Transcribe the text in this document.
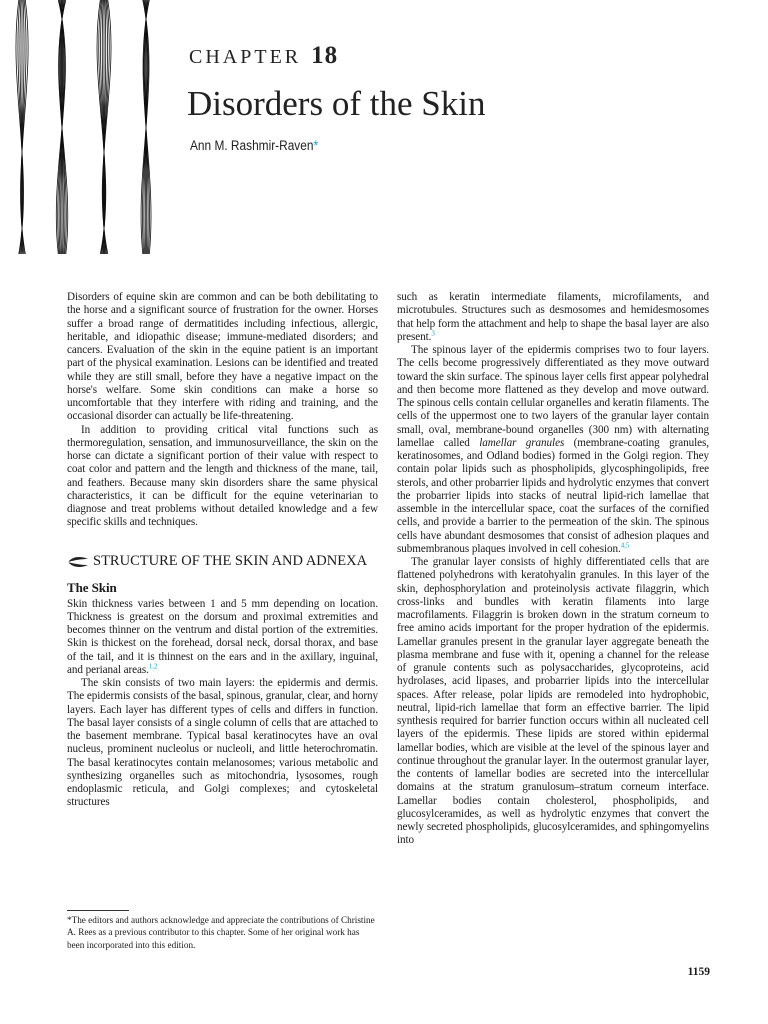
CHAPTER 18
Disorders of the Skin
Ann M. Rashmir-Raven*

Disorders of equine skin are common and can be both debilitating to the horse and a significant source of frustration for the owner. Horses suffer a broad range of dermatitides including infectious, allergic, heritable, and idiopathic disease; immune-mediated disorders; and cancers. Evaluation of the skin in the equine patient is an important part of the physical examination. Lesions can be identified and treated while they are still small, before they have a negative impact on the horse's welfare. Some skin conditions can make a horse so uncomfortable that they interfere with riding and training, and the occasional disorder can actually be life-threatening.

In addition to providing critical vital functions such as thermoregulation, sensation, and immunosurveillance, the skin on the horse can dictate a significant portion of their value with respect to coat color and pattern and the length and thickness of the mane, tail, and feathers. Because many skin disorders share the same physical characteristics, it can be difficult for the equine veterinarian to diagnose and treat problems without detailed knowledge and a few specific skills and techniques.

STRUCTURE OF THE SKIN AND ADNEXA
The Skin

Skin thickness varies between 1 and 5 mm depending on location. Thickness is greatest on the dorsum and proximal extremities and becomes thinner on the ventrum and distal portion of the extremities. Skin is thickest on the forehead, dorsal neck, dorsal thorax, and base of the tail, and it is thinnest on the ears and in the axillary, inguinal, and perianal areas.$^{1,2}$

The skin consists of two main layers: the epidermis and dermis. The epidermis consists of the basal, spinous, granular, clear, and horny layers. Each layer has different types of cells and differs in function. The basal layer consists of a single column of cells that are attached to the basement membrane. Typical basal keratinocytes have an oval nucleus, prominent nucleolus or nucleoli, and little heterochromatin. The basal keratinocytes contain melanosomes; various metabolic and synthesizing organelles such as mitochondria, lysosomes, rough endoplasmic reticula, and Golgi complexes; and cytoskeletal structures

such as keratin intermediate filaments, microfilaments, and microtubules. Structures such as desmosomes and hemidesmosomes that help form the attachment and help to shape the basal layer are also present.$^3$

The spinous layer of the epidermis comprises two to four layers. The cells become progressively differentiated as they move outward toward the skin surface. The spinous layer cells first appear polyhedral and then become more flattened as they develop and move outward. The spinous cells contain cellular organelles and keratin filaments. The cells of the uppermost one to two layers of the granular layer contain small, oval, membrane-bound organelles (300 nm) with alternating lamellae called lamellar granules (membrane-coating granules, keratinosomes, and Odland bodies) formed in the Golgi region. They contain polar lipids such as phospholipids, glycosphingolipids, free sterols, and other probarrier lipids and hydrolytic enzymes that convert the probarrier lipids into stacks of neutral lipid-rich lamellae that assemble in the intercellular space, coat the surfaces of the cornified cells, and provide a barrier to the permeation of the skin. The spinous cells have abundant desmosomes that consist of adhesion plaques and submembranous plaques involved in cell cohesion.$^{4,5}$

The granular layer consists of highly differentiated cells that are flattened polyhedrons with keratohyalin granules. In this layer of the skin, dephosphorylation and proteinolysis activate filaggrin, which cross-links and bundles with keratin filaments into large macrofilaments. Filaggrin is broken down in the stratum corneum to free amino acids important for the proper hydration of the epidermis. Lamellar granules present in the granular layer aggregate beneath the plasma membrane and fuse with it, opening a channel for the release of granule contents such as polysaccharides, glycoproteins, acid hydrolases, acid lipases, and probarrier lipids into the intercellular spaces. After release, polar lipids are remodeled into hydrophobic, neutral, lipid-rich lamellae that form an effective barrier. The lipid synthesis required for barrier function occurs within all nucleated cell layers of the epidermis. These lipids are stored within epidermal lamellar bodies, which are visible at the level of the spinous layer and continue throughout the granular layer. In the outermost granular layer, the contents of lamellar bodies are secreted into the intercellular domains at the stratum granulosum–stratum corneum interface. Lamellar bodies contain cholesterol, phospholipids, and glucosylceramides, as well as hydrolytic enzymes that convert the newly secreted phospholipids, glucosylceramides, and sphingomyelins into

*The editors and authors acknowledge and appreciate the contributions of Christine A. Rees as a previous contributor to this chapter. Some of her original work has been incorporated into this edition.
1159
